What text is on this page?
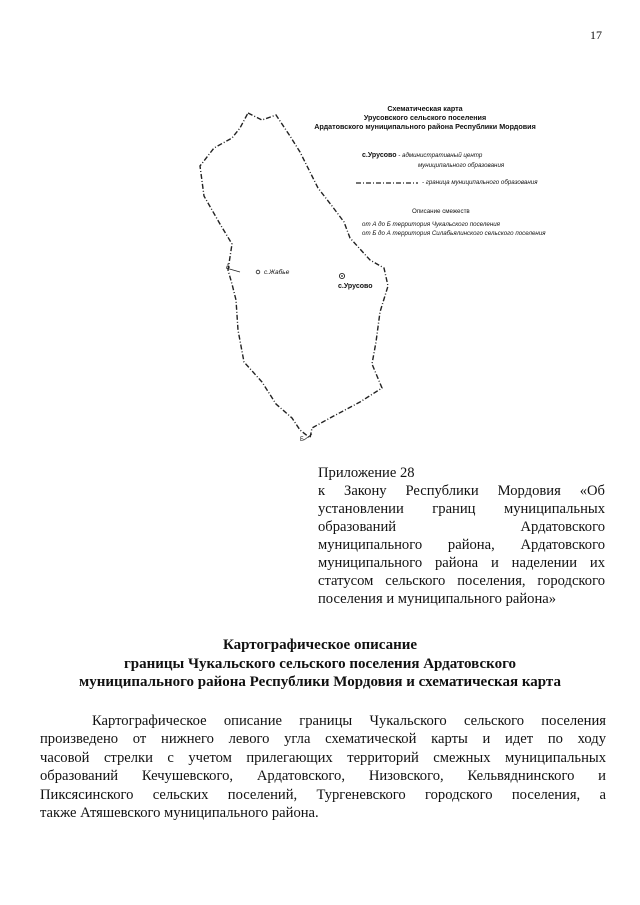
17
Схематическая карта
Урусовского сельского поселения
Ардатовского муниципального района Республики Мордовия
с.Урусово - административный центр
муниципального образования
- граница муниципального образования
Описание смежеств
от А до Б территория Чукальского поселения
от Б до А территория Силабьялинского сельского поселения
с.Жабье
с.Урусово
А
Б
Приложение 28
к Закону Республики Мордовия «Об
установлении границ муниципальных
образований Ардатовского
муниципального района, Ардатовского
муниципального района и наделении их
статусом сельского поселения, городского
поселения и муниципального района»
Картографическое описание
границы Чукальского сельского поселения Ардатовского
муниципального района Республики Мордовия и схематическая карта
Картографическое описание границы Чукальского сельского поселения
произведено от нижнего левого угла схематической карты и идет по ходу
часовой стрелки с учетом прилегающих территорий смежных муниципальных
образований Кечушевского, Ардатовского, Низовского, Кельвяднинского и
Пиксясинского сельских поселений, Тургеневского городского поселения, а
также Атяшевского муниципального района.
